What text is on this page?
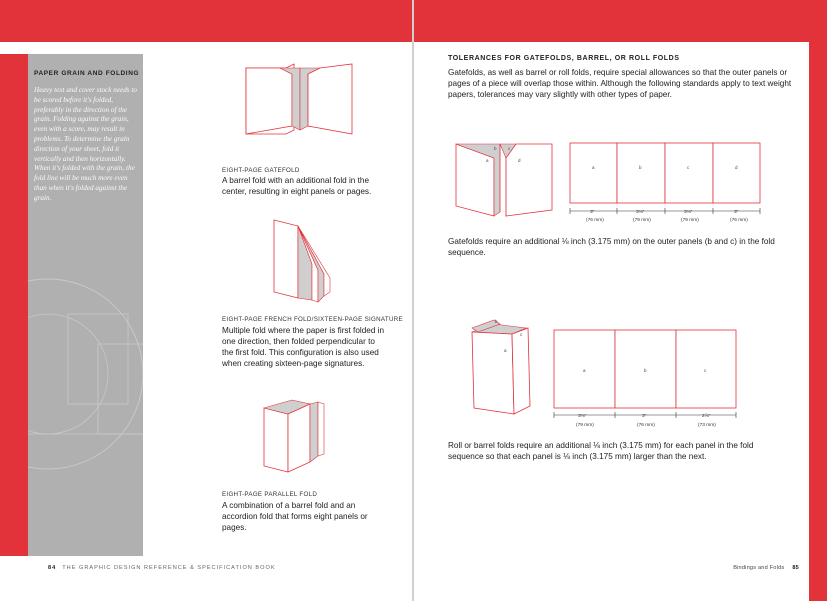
PAPER GRAIN AND FOLDING
Heavy text and cover stock needs to be scored before it's folded, preferably in the direction of the grain. Folding against the grain, even with a score, may result in problems. To determine the grain direction of your sheet, fold it vertically and then horizontally. When it's folded with the grain, the fold line will be much more even than when it's folded against the grain.
EIGHT-PAGE GATEFOLD
A barrel fold with an additional fold in the center, resulting in eight panels or pages.
EIGHT-PAGE FRENCH FOLD/SIXTEEN-PAGE SIGNATURE
Multiple fold where the paper is first folded in one direction, then folded perpendicular to the first fold. This configuration is also used when creating sixteen-page signatures.
EIGHT-PAGE PARALLEL FOLD
A combination of a barrel fold and an accordion fold that forms eight panels or pages.
84 THE GRAPHIC DESIGN REFERENCE & SPECIFICATION BOOK
TOLERANCES FOR GATEFOLDS, BARREL, OR ROLL FOLDS
Gatefolds, as well as barrel or roll folds, require special allowances so that the outer panels or pages of a piece will overlap those within. Although the following standards apply to text weight papers, tolerances may vary slightly with other types of paper.
b	c
a	d
a	b	c	d
3"
(76 mm)
3⅛"
(79 mm)
3⅛"
(79 mm)
3"
(76 mm)
Gatefolds require an additional ⅛ inch (3.175 mm) on the outer panels (b and c) in the fold sequence.
b
c
a
a	b	c
3⅛"
(79 mm)
3"
(76 mm)
2⅞"
(73 mm)
Roll or barrel folds require an additional ⅛ inch (3.175 mm) for each panel in the fold sequence so that each panel is ⅛ inch (3.175 mm) larger than the next.
Bindings and Folds 85
